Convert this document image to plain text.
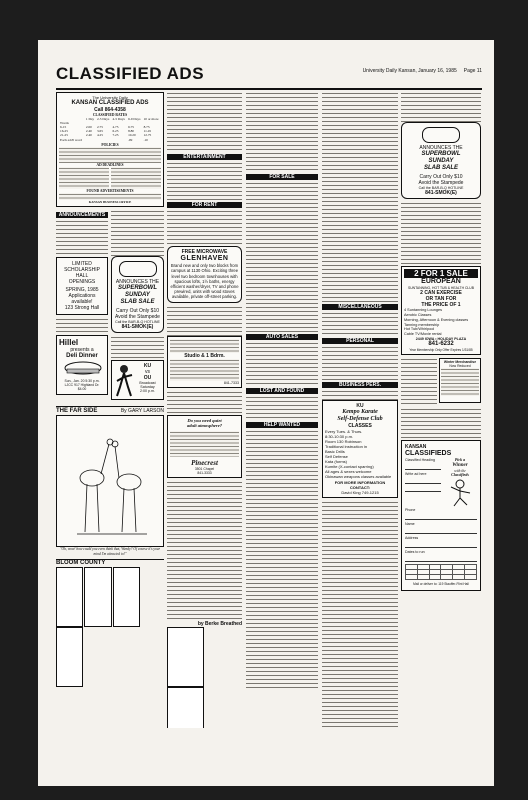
CLASSIFIED ADS	University Daily Kansan, January 16, 1985 Page 11
The University Daily
KANSAN CLASSIFIED ADS
Call 864-4358
CLASSIFIED RATES
	1 Day	2-3 Days	4-5 Days	6-9 Days	10 or more
Words					
6-15	2.00	2.75	4.75	6.75	8.75
16-25	2.40	3.65	6.25	8.80	11.45
21-25	2.40	4.25	7.25	10.20	12.75
Each add'l word				.09	.10
POLICIES
AD DEADLINES
FOUND ADVERTISEMENTS
KANSAN BUSINESS OFFICE
ANNOUNCEMENTS
LIMITED
SCHOLARSHIP HALL
OPENINGS
SPRING, 1985
Applications
available!
123 Strong Hall
Hillel
presents a
Deli Dinner
Sun., Jan. 20 5:30 p.m.
LJCC 917 Highland Dr.
$4.00
ANNOUNCES THE
SUPERBOWL
SUNDAY
SLAB SALE
Carry Out Only $10
Avoid the Stampede
Call the BAR-B-Q HOTLINE
841-SMOK(E)
KU
vs
OU
Broadcast
Saturday
2:00 p.m.
THE FAR SIDE	By GARY LARSON
"Oh, wow! how could you even think that, Wendy? Of course it's your mind I'm attracted to!"
BLOOM COUNTY
ENTERTAINMENT
FOR RENT
FREE MICROWAVE
GLENHAVEN
Brand new and only two blocks from campus at 1130 Ohio. Exciting three level two bedroom townhouses with spacious lofts, 1½ baths, energy efficient washer/dryer, TV and phone prewired, units with wood stoves available, private off-street parking.
Studio & 1 Bdrm.
841-7333
Do you need quiet
adult atmosphere?
Pinecrest
3501 Chapel
841-3333
by Berke Breathed
FOR SALE
AUTO SALES
LOST AND FOUND
HELP WANTED
MISCELLANEOUS
PERSONAL
BUSINESS PERS.
KU
Kempo Karate
Self-Defense Club
CLASSES
Every Tues. & Thurs.
8:30-10:30 p.m.
Room 130 Robinson
Traditional instruction in
Basic Drills
Self Defense
Kata (forms)
Kumite (X-contact sparring)
All ages & sexes welcome
Okinawan weapons classes available
FOR MORE INFORMATION CONTACT:
David King 749-1215
ANNOUNCES THE
SUPERBOWL
SUNDAY
SLAB SALE
Carry Out Only $10
Avoid the Stampede
Call the BAR-B-Q HOTLINE
841-SMOK(E)
2 FOR 1 SALE
EUROPEAN
SUNTANNING, HOT TUB & HEALTH CLUB
2 CAN EXERCISE
OR TAN FOR
THE PRICE OF 1
4 Suntanning Lounges
Aerobic Classes
Morning, Afternoon & Evening classes
Tanning membership
Hot Tub/Whirlpool
Cable TV/Movie rental
2449 IOWA • HOLIDAY PLAZA
841-6232
Year Membership Only Offer Expires 1/31/85
Winter Merchandise
Now Reduced
KANSAN
CLASSIFIEDS
Classified Heading
Write ad here
Pick a
Winner
with the
Classifieds
Phone
Name
Address
Dates to run

Mail or deliver to: 119 Stauffer-Flint Hall
